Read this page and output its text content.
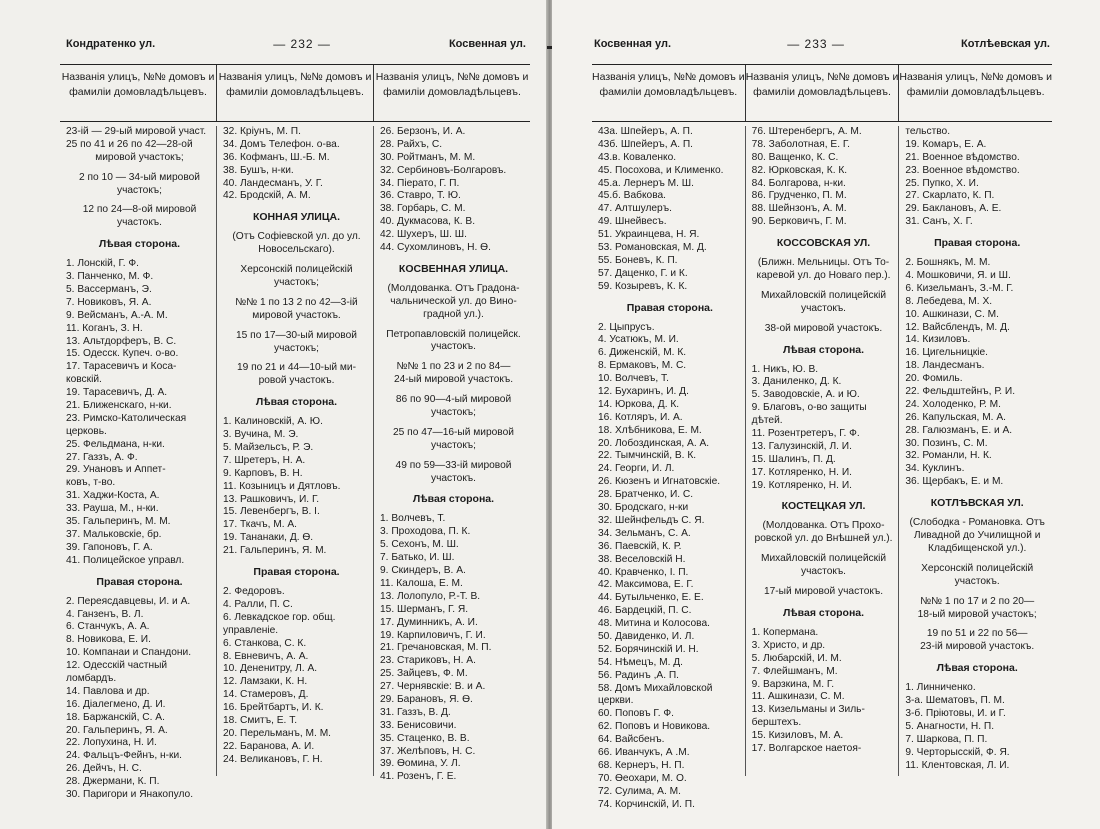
Кондратенко ул.	— 232 —	Косвенная ул.
Названія улицъ, №№ домовъ и фамиліи домовладѣльцевъ.
Названія улицъ, №№ домовъ и фамиліи домовладѣльцевъ.
Названія улицъ, №№ домовъ и фамиліи домовладѣльцевъ.
23-ій — 29-ый мировой участ.
25 по 41 и 26 по 42—28-ой
мировой участокъ;
2 по 10 — 34-ый мировой
участокъ;
12 по 24—8-ой мировой
участокъ.
Лѣвая сторона.
1. Лонскій, Г. Ф.
3. Панченко, М. Ф.
5. Вассерманъ, Э.
7. Новиковъ, Я. А.
9. Вейсманъ, А.-А. М.
11. Коганъ, З. Н.
13. Альтдорферъ, В. С.
15. Одесск. Купеч. о-во.
17. Тарасевичъ и Коса-
ковскій.
19. Тарасевичъ, Д. А.
21. Ближенскаго, н-ки.
23. Римско-Католическая
церковь.
25. Фельдмана, н-ки.
27. Газзъ, А. Ф.
29. Унановъ и Аппет-
ковъ, т-во.
31. Хаджи-Коста, А.
33. Рауша, М., н-ки.
35. Гальперинъ, М. М.
37. Мальковскіе, бр.
39. Гапоновъ, Г. А.
41. Полицейское управл.
Правая сторона.
2. Переясдавцевы, И. и А.
4. Ганзенъ, В. Л.
6. Станчукъ, А. А.
8. Новикова, Е. И.
10. Компанаи и Спандони.
12. Одесскій частный
ломбардъ.
14. Павлова и др.
16. Діалегмено, Д. И.
18. Баржанскій, С. А.
20. Гальперинъ, Я. А.
22. Лопухина, Н. И.
24. Фальцъ-Фейнъ, н-ки.
26. Дейчъ, Н. С.
28. Джермани, К. П.
30. Паригори и Янакопуло.
32. Кріунъ, М. П.
34. Домъ Телефон. о-ва.
36. Кофманъ, Ш.-Б. М.
38. Бушъ, н-ки.
40. Ландесманъ, У. Г.
42. Бродскій, А. М.
КОННАЯ УЛИЦА.
(Отъ Софіевской ул. до ул.
Новосельскаго).
Херсонскій полицейскій
участокъ;
№№ 1 по 13 2 по 42—3-ій
мировой участокъ.
15 по 17—30-ый мировой
участокъ;
19 по 21 и 44—10-ый ми-
ровой участокъ.
Лѣвая сторона.
1. Калиновскій, А. Ю.
3. Вучина, М. Э.
5. Майзельсъ, Р. Э.
7. Шретеръ, Н. А.
9. Карповъ, В. Н.
11. Козыницъ и Дятловъ.
13. Рашковичъ, И. Г.
15. Левенбергъ, В. І.
17. Ткачъ, М. А.
19. Тананаки, Д. Ѳ.
21. Гальперинъ, Я. М.
Правая сторона.
2. Федоровъ.
4. Ралли, П. С.
6. Левкадское гор. общ.
управленіе.
6. Станкова, С. К.
8. Евневичъ, А. А.
10. Дененитру, Л. А.
12. Ламзаки, К. Н.
14. Стамеровъ, Д.
16. Брейтбартъ, И. К.
18. Смитъ, Е. Т.
20. Перельманъ, М. М.
22. Баранова, А. И.
24. Великановъ, Г. Н.
26. Берзонъ, И. А.
28. Райхъ, С.
30. Ройтманъ, М. М.
32. Сербиновъ-Болгаровъ.
34. Піерато, Г. П.
36. Ставро, Т. Ю.
38. Горбарь, С. М.
40. Дукмасова, К. В.
42. Шухеръ, Ш. Ш.
44. Сухомлиновъ, Н. Ѳ.
КОСВЕННАЯ УЛИЦА.
(Молдованка. Отъ Градона-
чальнической ул. до Вино-
градной ул.).
Петропавловскій полицейск.
участокъ.
№№ 1 по 23 и 2 по 84—
24-ый мировой участокъ.
86 по 90—4-ый мировой
участокъ;
25 по 47—16-ый мировой
участокъ;
49 по 59—33-ій мировой
участокъ.
Лѣвая сторона.
1. Волчевъ, Т.
3. Проходова, П. К.
5. Сехонъ, М. Ш.
7. Батько, И. Ш.
9. Скиндеръ, В. А.
11. Калоша, Е. М.
13. Лолопуло, Р.-Т. В.
15. Шерманъ, Г. Я.
17. Думинникъ, А. И.
19. Карпиловичъ, Г. И.
21. Гречановская, М. П.
23. Стариковъ, Н. А.
25. Зайцевъ, Ф. М.
27. Чернявскіе: В. и А.
29. Барановъ, Я. Ѳ.
31. Газзъ, В. Д.
33. Бенисовичи.
35. Стаценко, В. В.
37. Желѣповъ, Н. С.
39. Ѳомина, У. Л.
41. Розенъ, Г. Е.
Косвенная ул.	— 233 —	Котлѣевская ул.
Названія улицъ, №№ домовъ и фамиліи домовладѣльцевъ.
Названія улицъ, №№ домовъ и фамиліи домовладѣльцевъ.
Названія улицъ, №№ домовъ и фамиліи домовладѣльцевъ.
43а. Шпейеръ, А. П.
43б. Шпейеръ, А. П.
43.в. Коваленко.
45. Посохова, и Клименко.
45.а. Лернеръ М. Ш.
45.б. Вабкова.
47. Алтшулеръ.
49. Шнейвесъ.
51. Украинцева, Н. Я.
53. Романовская, М. Д.
55. Боневъ, К. П.
57. Даценко, Г. и К.
59. Козыревъ, К. К.
Правая сторона.
2. Цыпрусъ.
4. Усатюкъ, М. И.
6. Диженскій, М. К.
8. Ермаковъ, М. С.
10. Волчевъ, Т.
12. Бухаринъ, И. Д.
14. Юркова, Д. К.
16. Котляръ, И. А.
18. Хлѣбникова, Е. М.
20. Лобоздинская, А. А.
22. Тымчинскій, В. К.
24. Георги, И. Л.
26. Кюзенъ и Игнатовскіе.
28. Братченко, И. С.
30. Бродскаго, н-ки
32. Шейнфельдъ С. Я.
34. Зельманъ, С. А.
36. Паевскій, К. Р.
38. Веселовскій Н.
40. Кравченко, І. П.
42. Максимова, Е. Г.
44. Бутыльченко, Е. Е.
46. Бардецкій, П. С.
48. Митина и Колосова.
50. Давиденко, И. Л.
52. Борячинскій И. Н.
54. Нѣмецъ, М. Д.
56. Радинъ ,А. П.
58. Домъ Михайловской
церкви.
60. Поповъ Г. Ф.
62. Поповъ и Новикова.
64. Вайсбенъ.
66. Иванчукъ, А .М.
68. Кернеръ, Н. П.
70. Ѳеохари, М. О.
72. Сулима, А. М.
74. Корчинскій, И. П.
76. Штеренбергъ, А. М.
78. Заболотная, Е. Г.
80. Ващенко, К. С.
82. Юрковская, К. К.
84. Болгарова, н-ки.
86. Грудченко, П. М.
88. Шейнзонъ, А. М.
90. Берковичъ, Г. М.
КОССОВСКАЯ УЛ.
(Ближн. Мельницы. Отъ То-
каревой ул. до Новаго пер.).
Михайловскій полицейскій
участокъ.
38-ой мировой участокъ.
Лѣвая сторона.
1. Никъ, Ю. В.
3. Даниленко, Д. К.
5. Заводовскіе, А. и Ю.
9. Благовъ, о-во защиты
дѣтей.
11. Розентретеръ, Г. Ф.
13. Галузинскій, Л. И.
15. Шалинъ, П. Д.
17. Котляренко, Н. И.
19. Котляренко, Н. И.
КОСТЕЦКАЯ УЛ.
(Молдованка. Отъ Прохо-
ровской ул. до Внѣшней ул.).
Михайловскій полицейскій
участокъ.
17-ый мировой участокъ.
Лѣвая сторона.
1. Копермана.
3. Христо, и др.
5. Любарскій, И. М.
7. Флейшманъ, М.
9. Варзкина, М. Г.
11. Ашкинази, С. М.
13. Кизельманы и Зиль-
берштехъ.
15. Кизиловъ, М. А.
17. Волгарское наетоя-
тельство.
19. Комаръ, Е. А.
21. Военное вѣдомство.
23. Военное вѣдомство.
25. Пупко, Х. И.
27. Скарлато, К. П.
29. Баклановъ, А. Е.
31. Санъ, Х. Г.
Правая сторона.
2. Бошнякъ, М. М.
4. Мошковичи, Я. и Ш.
6. Кизельманъ, З.-М. Г.
8. Лебедева, М. Х.
10. Ашкинази, С. М.
12. Вайсблендъ, М. Д.
14. Кизиловъ.
16. Цигельницкіе.
18. Ландесманъ.
20. Фомиль.
22. Фельдштейнъ, Р. И.
24. Холоденко, Р. М.
26. Капульская, М. А.
28. Галюзманъ, Е. и А.
30. Позинъ, С. М.
32. Романли, Н. К.
34. Куклинъ.
36. Щербакъ, Е. и М.
КОТЛѢВСКАЯ УЛ.
(Слободка - Романовка. Отъ
Ливадной до Училищной и
Кладбищенской ул.).
Херсонскій полицейскій
участокъ.
№№ 1 по 17 и 2 по 20—
18-ый мировой участокъ;
19 по 51 и 22 по 56—
23-ій мировой участокъ.
Лѣвая сторона.
1. Линниченко.
3-а. Шематовъ, П. М.
3-б. Пріютовы, И. и Г.
5. Анагности, Н. П.
7. Шаркова, П. П.
9. Черторысскій, Ф. Я.
11. Клентовская, Л. И.
